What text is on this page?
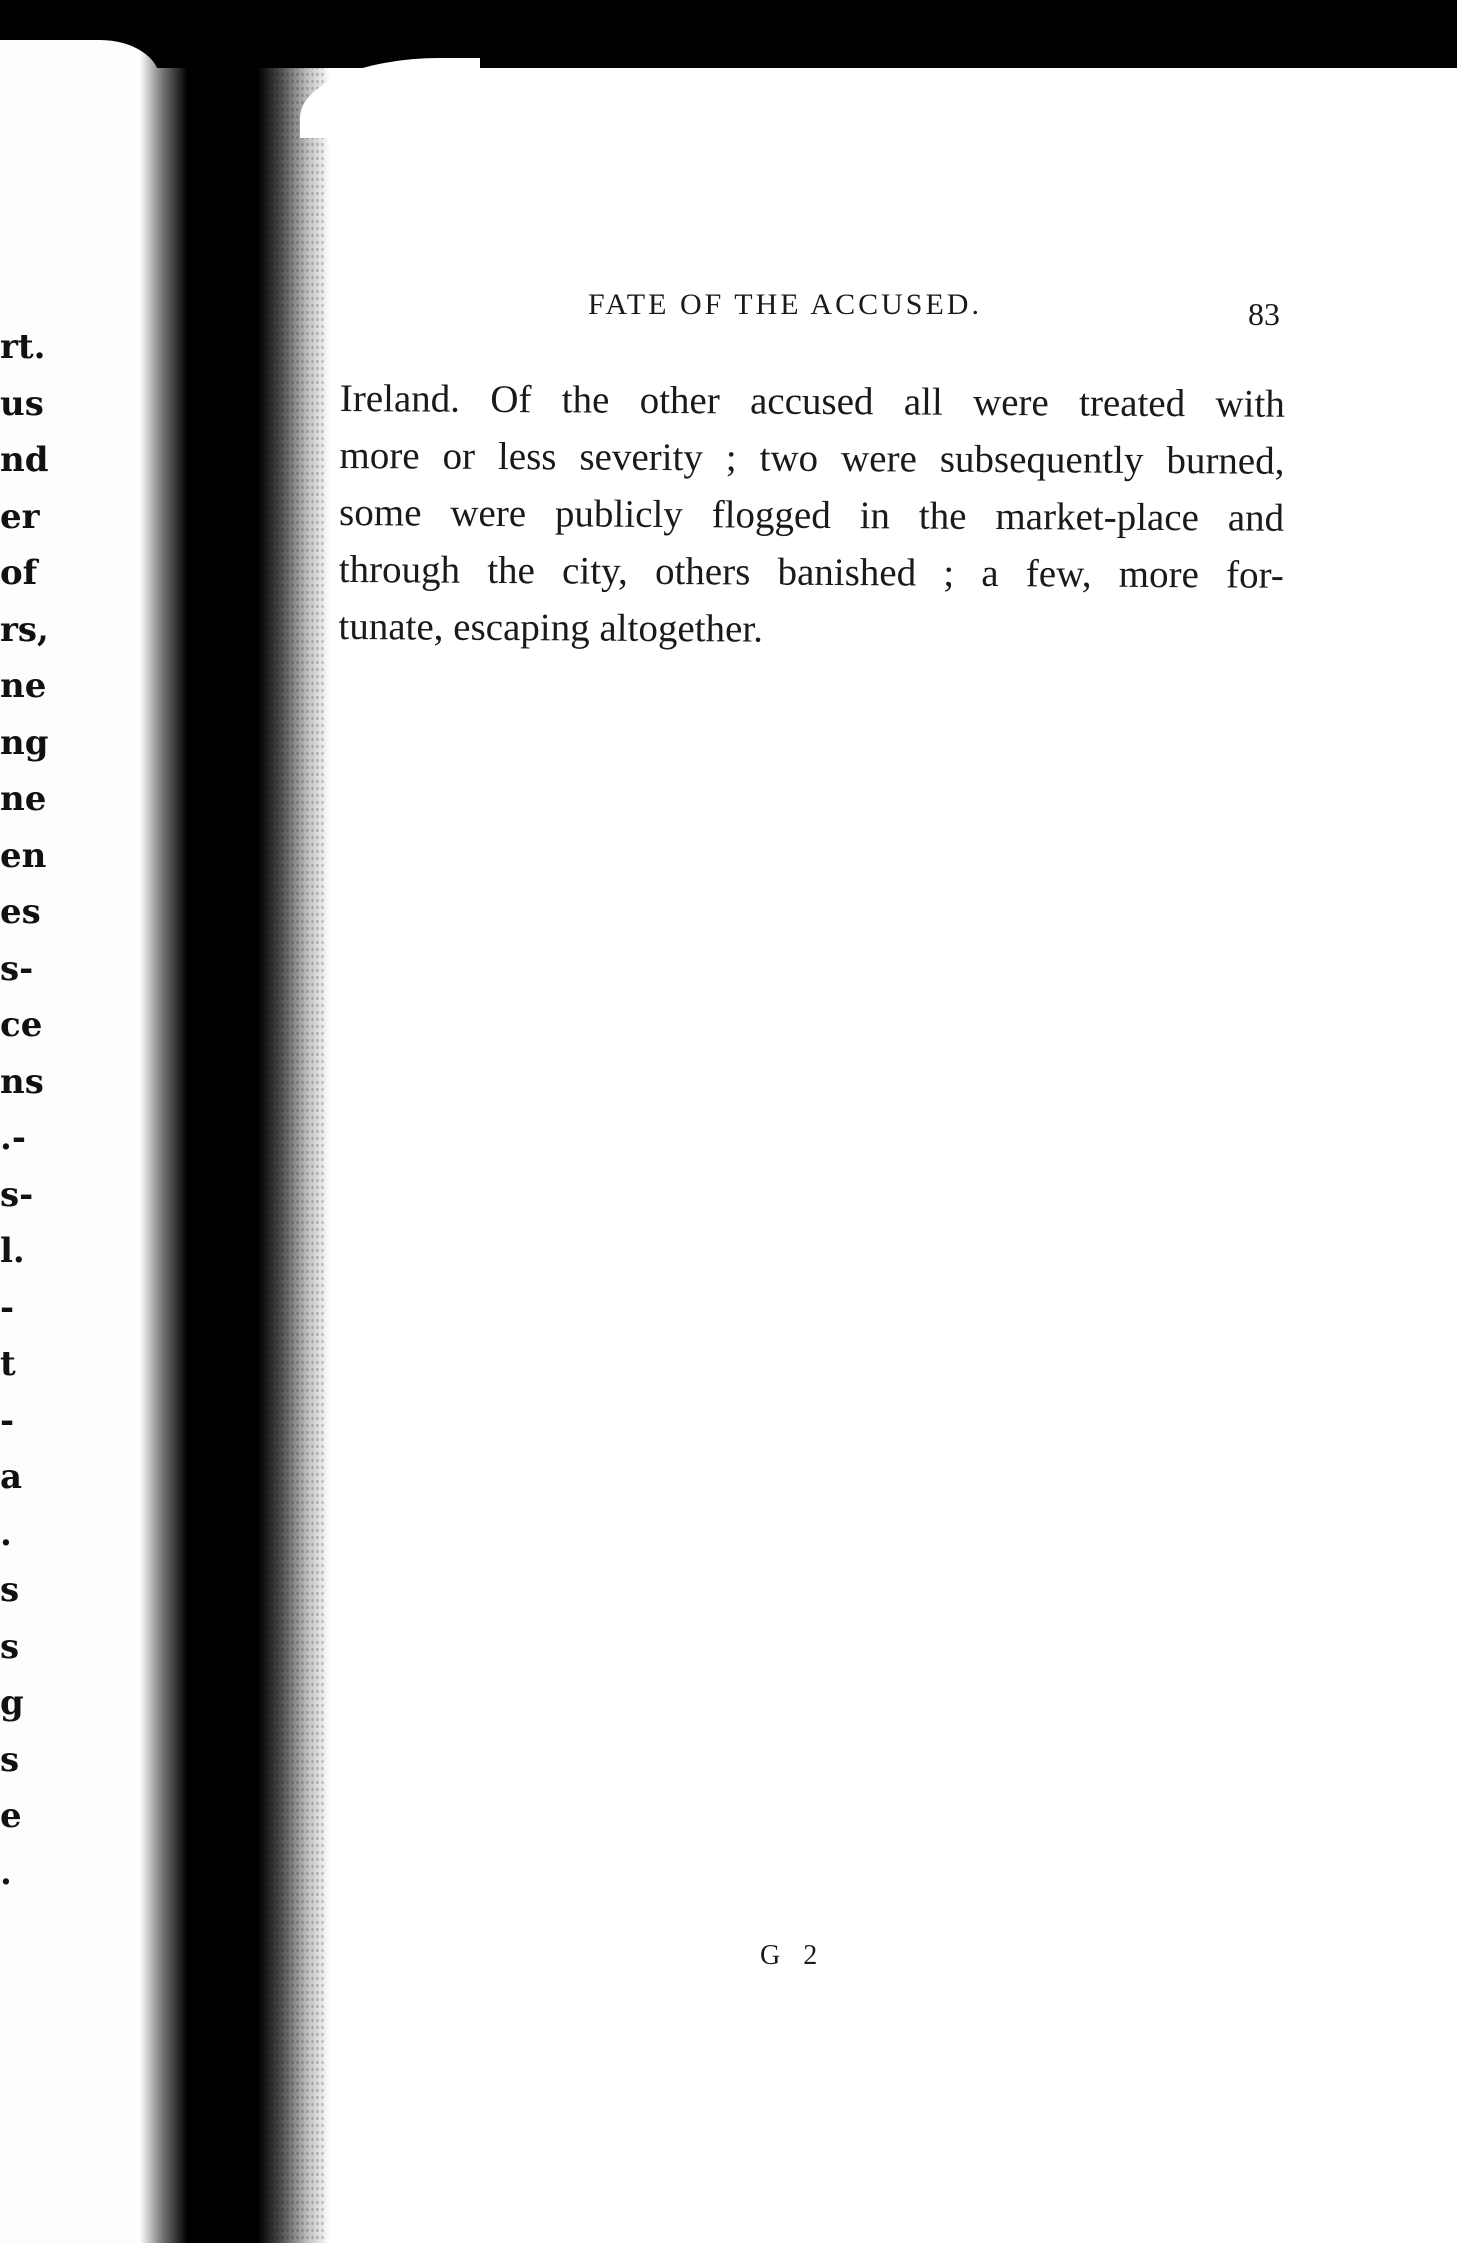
rt.
us
nd
er
of
rs,
ne
ng
ne
en
es
s-
ce
ns
.-
s-
l.
-
t
-
a
.
s
s
g
s
e
.
FATE OF THE ACCUSED.	83
Ireland. Of the other accused all were treated with
more or less severity ; two were subsequently burned,
some were publicly flogged in the market-place and
through the city, others banished ; a few, more for-
tunate, escaping altogether.
G 2
